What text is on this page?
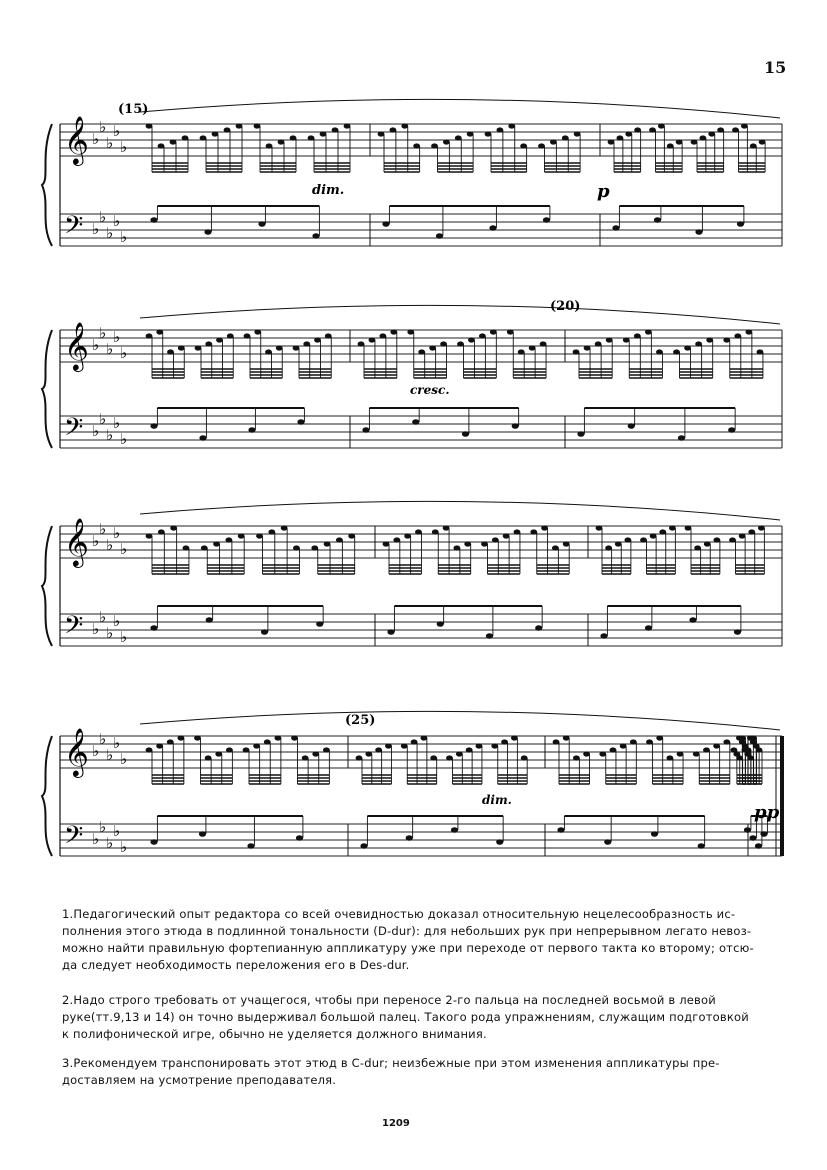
15
𝄞
𝄢
♭
♭
♭
♭
♭
♭
♭
♭
♭
♭
𝄞
𝄢
♭
♭
♭
♭
♭
♭
♭
♭
♭
♭
𝄞
𝄢
♭
♭
♭
♭
♭
♭
♭
♭
♭
♭
𝄞
𝄢
♭
♭
♭
♭
♭
♭
♭
♭
♭
♭
(15)
(20)
(25)
dim.	p
cresc.
dim.
pp
1.Педагогический опыт редактора со всей очевидностью доказал относительную нецелесообразность ис-
полнения этого этюда в подлинной тональности (D-dur): для небольших рук при непрерывном легато невоз-
можно найти правильную фортепианную аппликатуру уже при переходе от первого такта ко второму; отсю-
да следует необходимость переложения его в Des-dur.
2.Надо строго требовать от учащегося, чтобы при переносе 2-го пальца на последней восьмой в левой
руке(тт.9,13 и 14) он точно выдерживал большой палец. Такого рода упражнениям, служащим подготовкой
к полифонической игре, обычно не уделяется должного внимания.
3.Рекомендуем транспонировать этот этюд в C-dur; неизбежные при этом изменения аппликатуры пре-
доставляем на усмотрение преподавателя.
1209
